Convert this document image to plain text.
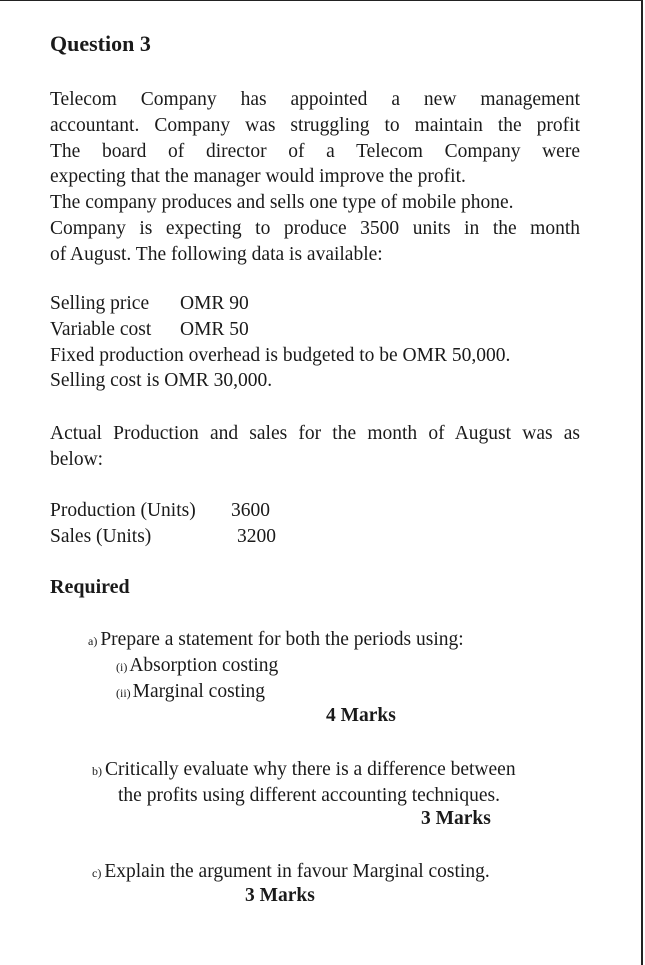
Question 3
Telecom Company has appointed a new management
accountant. Company was struggling to maintain the profit
The board of director of a Telecom Company were
expecting that the manager would improve the profit.
The company produces and sells one type of mobile phone.
Company is expecting to produce 3500 units in the month
of August. The following data is available:
Selling price	OMR 90
Variable cost	OMR 50
Fixed production overhead is budgeted to be OMR 50,000.
Selling cost is OMR 30,000.
Actual Production and sales for the month of August was as
below:
Production (Units)	3600
Sales (Units)	3200
Required
a) Prepare a statement for both the periods using:
(i) Absorption costing
(ii) Marginal costing
4 Marks
b) Critically evaluate why there is a difference between
the profits using different accounting techniques.
3 Marks
c) Explain the argument in favour Marginal costing.
3 Marks
